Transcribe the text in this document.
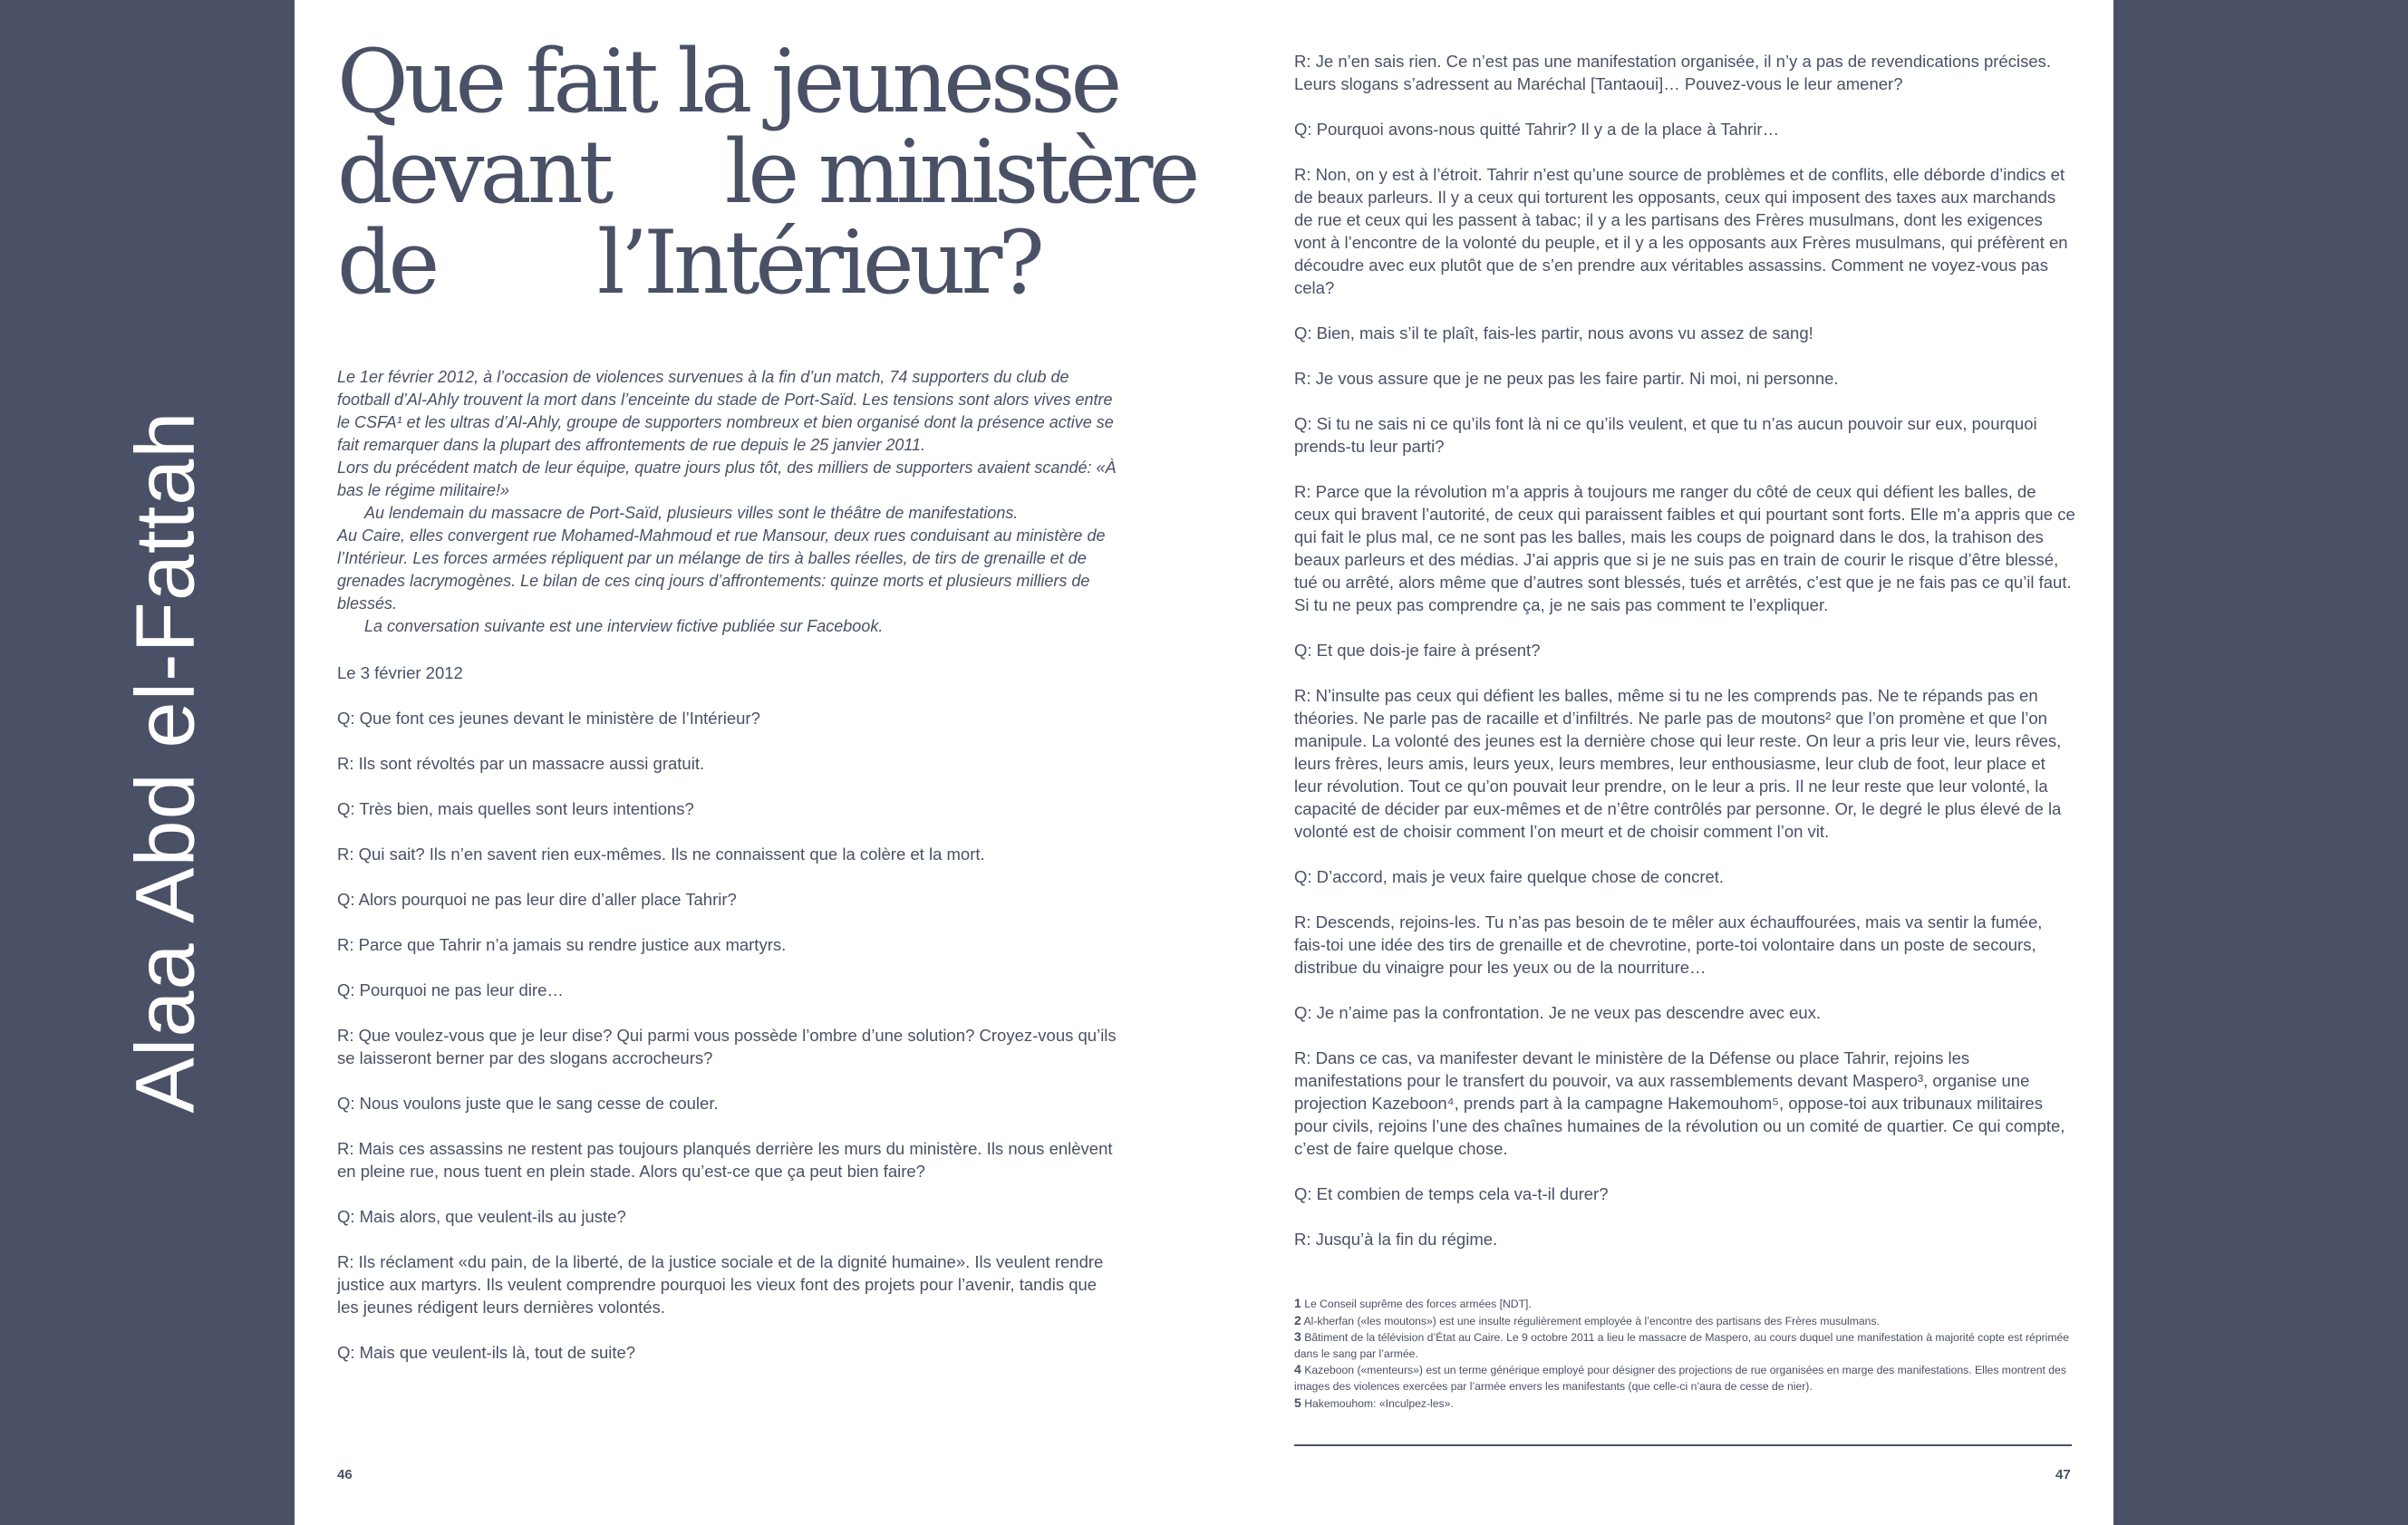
Alaa Abd el-Fattah
Que fait la jeunesse
devant     le ministère
de       l’Intérieur?

Le 1er février 2012, à l’occasion de violences survenues à la fin d’un match, 74 supporters du club de football d’Al-Ahly trouvent la mort dans l’enceinte du stade de Port-Saïd. Les tensions sont alors vives entre le CSFA¹ et les ultras d’Al-Ahly, groupe de supporters nombreux et bien organisé dont la présence active se fait remarquer dans la plupart des affrontements de rue depuis le 25 janvier 2011.

Lors du précédent match de leur équipe, quatre jours plus tôt, des milliers de supporters avaient scandé: «À bas le régime militaire!»

Au lendemain du massacre de Port-Saïd, plusieurs villes sont le théâtre de manifestations.

Au Caire, elles convergent rue Mohamed-Mahmoud et rue Mansour, deux rues conduisant au ministère de l’Intérieur. Les forces armées répliquent par un mélange de tirs à balles réelles, de tirs de grenaille et de grenades lacrymogènes. Le bilan de ces cinq jours d’affrontements: quinze morts et plusieurs milliers de blessés.

La conversation suivante est une interview fictive publiée sur Facebook.

Le 3 février 2012

Q: Que font ces jeunes devant le ministère de l’Intérieur?

R: Ils sont révoltés par un massacre aussi gratuit.

Q: Très bien, mais quelles sont leurs intentions?

R: Qui sait? Ils n’en savent rien eux-mêmes. Ils ne connaissent que la colère et la mort.

Q: Alors pourquoi ne pas leur dire d’aller place Tahrir?

R: Parce que Tahrir n’a jamais su rendre justice aux martyrs.

Q: Pourquoi ne pas leur dire…

R: Que voulez-vous que je leur dise? Qui parmi vous possède l’ombre d’une solution? Croyez-vous qu’ils se laisseront berner par des slogans accrocheurs?

Q: Nous voulons juste que le sang cesse de couler.

R: Mais ces assassins ne restent pas toujours planqués derrière les murs du ministère. Ils nous enlèvent en pleine rue, nous tuent en plein stade. Alors qu’est-ce que ça peut bien faire?

Q: Mais alors, que veulent-ils au juste?

R: Ils réclament «du pain, de la liberté, de la justice sociale et de la dignité humaine». Ils veulent rendre justice aux martyrs. Ils veulent comprendre pourquoi les vieux font des projets pour l’avenir, tandis que les jeunes rédigent leurs dernières volontés.

Q: Mais que veulent-ils là, tout de suite?

R: Je n’en sais rien. Ce n’est pas une manifestation organisée, il n’y a pas de revendications précises. Leurs slogans s’adressent au Maréchal [Tantaoui]… Pouvez-vous le leur amener?

Q: Pourquoi avons-nous quitté Tahrir? Il y a de la place à Tahrir…

R: Non, on y est à l’étroit. Tahrir n’est qu’une source de problèmes et de conflits, elle déborde d’indics et de beaux parleurs. Il y a ceux qui torturent les opposants, ceux qui imposent des taxes aux marchands de rue et ceux qui les passent à tabac; il y a les partisans des Frères musulmans, dont les exigences vont à l’encontre de la volonté du peuple, et il y a les opposants aux Frères musulmans, qui préfèrent en découdre avec eux plutôt que de s’en prendre aux véritables assassins. Comment ne voyez-vous pas cela?

Q: Bien, mais s’il te plaît, fais-les partir, nous avons vu assez de sang!

R: Je vous assure que je ne peux pas les faire partir. Ni moi, ni personne.

Q: Si tu ne sais ni ce qu’ils font là ni ce qu’ils veulent, et que tu n’as aucun pouvoir sur eux, pourquoi prends-tu leur parti?

R: Parce que la révolution m’a appris à toujours me ranger du côté de ceux qui défient les balles, de ceux qui bravent l’autorité, de ceux qui paraissent faibles et qui pourtant sont forts. Elle m’a appris que ce qui fait le plus mal, ce ne sont pas les balles, mais les coups de poignard dans le dos, la trahison des beaux parleurs et des médias. J’ai appris que si je ne suis pas en train de courir le risque d’être blessé, tué ou arrêté, alors même que d’autres sont blessés, tués et arrêtés, c’est que je ne fais pas ce qu’il faut. Si tu ne peux pas comprendre ça, je ne sais pas comment te l’expliquer.

Q: Et que dois-je faire à présent?

R: N’insulte pas ceux qui défient les balles, même si tu ne les comprends pas. Ne te répands pas en théories. Ne parle pas de racaille et d’infiltrés. Ne parle pas de moutons² que l’on promène et que l’on manipule. La volonté des jeunes est la dernière chose qui leur reste. On leur a pris leur vie, leurs rêves, leurs frères, leurs amis, leurs yeux, leurs membres, leur enthousiasme, leur club de foot, leur place et leur révolution. Tout ce qu’on pouvait leur prendre, on le leur a pris. Il ne leur reste que leur volonté, la capacité de décider par eux-mêmes et de n’être contrôlés par personne. Or, le degré le plus élevé de la volonté est de choisir comment l’on meurt et de choisir comment l’on vit.

Q: D’accord, mais je veux faire quelque chose de concret.

R: Descends, rejoins-les. Tu n’as pas besoin de te mêler aux échauffourées, mais va sentir la fumée, fais-toi une idée des tirs de grenaille et de chevrotine, porte-toi volontaire dans un poste de secours, distribue du vinaigre pour les yeux ou de la nourriture…

Q: Je n’aime pas la confrontation. Je ne veux pas descendre avec eux.

R: Dans ce cas, va manifester devant le ministère de la Défense ou place Tahrir, rejoins les manifestations pour le transfert du pouvoir, va aux rassemblements devant Maspero³, organise une projection Kazeboon⁴, prends part à la campagne Hakemouhom⁵, oppose-toi aux tribunaux militaires pour civils, rejoins l’une des chaînes humaines de la révolution ou un comité de quartier. Ce qui compte, c’est de faire quelque chose.

Q: Et combien de temps cela va-t-il durer?

R: Jusqu’à la fin du régime.

1 Le Conseil suprême des forces armées [NDT].

2 Al-kherfan («les moutons») est une insulte régulièrement employée à l’encontre des partisans des Frères musulmans.

3 Bâtiment de la télévision d’État au Caire. Le 9 octobre 2011 a lieu le massacre de Maspero, au cours duquel une manifestation à majorité copte est réprimée dans le sang par l’armée.

4 Kazeboon («menteurs») est un terme générique employé pour désigner des projections de rue organisées en marge des manifestations. Elles montrent des images des violences exercées par l’armée envers les manifestants (que celle-ci n’aura de cesse de nier).

5 Hakemouhom: «Inculpez-les».

46	47
